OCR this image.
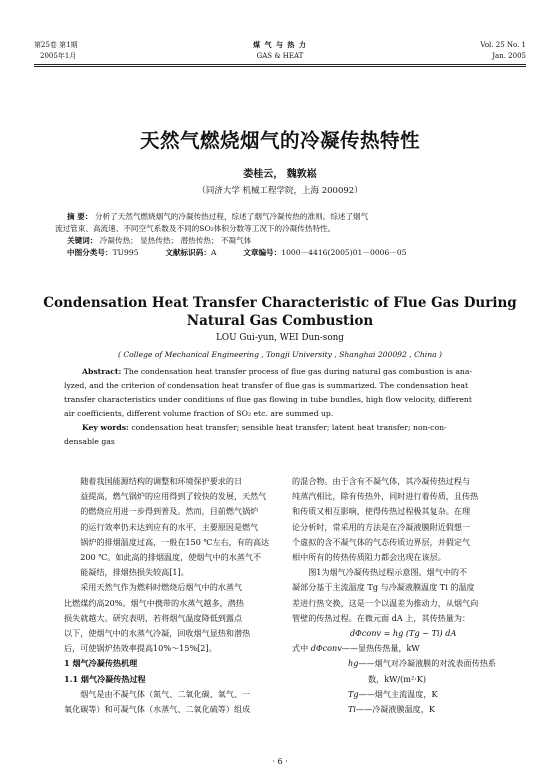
第25卷 第1期
2005年1月
煤 气 与 热 力
GAS & HEAT
Vol. 25 No. 1
Jan. 2005
天然气燃烧烟气的冷凝传热特性
娄桂云， 魏敦崧
（同济大学 机械工程学院，上海 200092）
摘 要： 分析了天然气燃烧烟气的冷凝传热过程，综述了烟气冷凝传热的准则。综述了烟气
流过管束、高流速、不同空气系数及不同的SO₂体积分数等工况下的冷凝传热特性。
关键词： 冷凝传热； 显热传热； 潜热传热； 不凝气体
中图分类号：TU995	文献标识码：A	文章编号：1000－4416(2005)01－0006－05
Condensation Heat Transfer Characteristic of Flue Gas During
Natural Gas Combustion
LOU Gui-yun, WEI Dun-song
( College of Mechanical Engineering , Tongji University , Shanghai 200092 , China )
Abstract: The condensation heat transfer process of flue gas during natural gas combustion is ana-
lyzed, and the criterion of condensation heat transfer of flue gas is summarized. The condensation heat
transfer characteristics under conditions of flue gas flowing in tube bundles, high flow velocity, different
air coefficients, different volume fraction of SO₂ etc. are summed up.
Key words: condensation heat transfer; sensible heat transfer; latent heat transfer; non-con-
densable gas
随着我国能源结构的调整和环境保护要求的日
益提高，燃气锅炉的应用得到了较快的发展，天然气
的燃烧应用进一步得到普及。然而，目前燃气锅炉
的运行效率仍未达到应有的水平，主要原因是燃气
锅炉的排烟温度过高，一般在150 ℃左右，有的高达
200 ℃。如此高的排烟温度，使烟气中的水蒸气不
能凝结，排烟热损失较高[1]。
采用天然气作为燃料时燃烧后烟气中的水蒸气
比燃煤约高20%。烟气中携带的水蒸气越多，潜热
损失就越大。研究表明，若将烟气温度降低到露点
以下，使烟气中的水蒸气冷凝，回收烟气显热和潜热
后，可使锅炉热效率提高10%～15%[2]。
1 烟气冷凝传热机理
1.1 烟气冷凝传热过程
烟气是由不凝气体（氮气、二氧化碳、氧气、一
氧化碳等）和可凝气体（水蒸气、二氧化硫等）组成
的混合物。由于含有不凝气体，其冷凝传热过程与
纯蒸汽相比，除有传热外，同时进行着传质，且传热
和传质又相互影响，使得传热过程极其复杂。在理
论分析时，常采用的方法是在冷凝液膜附近假想一
个虚拟的含不凝气体的气态传质边界层，并假定气
相中所有的传热传质阻力都会出现在该层。
图1为烟气冷凝传热过程示意图。烟气中的不
凝部分基于主流温度 Tg 与冷凝液膜温度 Ti 的温度
差进行热交换，这是一个以温差为推动力，从烟气向
管壁的传热过程。在微元面 dA 上，其传热量为：
dΦconv = hg (Tg − Ti) dA
式中 dΦconv——显热传热量，kW
hg——烟气对冷凝液膜的对流表面传热系
数，kW/(m²·K)
Tg——烟气主流温度，K
Ti——冷凝液膜温度，K
· 6 ·
